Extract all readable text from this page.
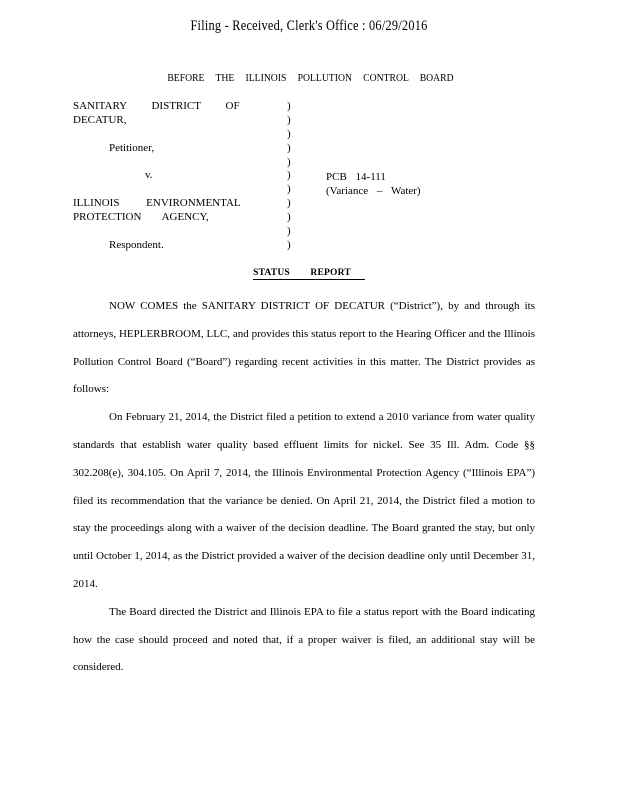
Filing - Received, Clerk's Office : 06/29/2016
BEFORE THE ILLINOIS POLLUTION CONTROL BOARD
SANITARY DISTRICT OF
DECATUR,
Petitioner,
v.
ILLINOIS ENVIRONMENTAL
PROTECTION AGENCY,
Respondent.
)
)
)
)
)
)
)
)
)
)
)
PCB 14-111
(Variance – Water)
STATUS REPORT

NOW COMES the SANITARY DISTRICT OF DECATUR (“District”), by and through its attorneys, HEPLERBROOM, LLC, and provides this status report to the Hearing Officer and the Illinois Pollution Control Board (“Board”) regarding recent activities in this matter. The District provides as follows:

On February 21, 2014, the District filed a petition to extend a 2010 variance from water quality standards that establish water quality based effluent limits for nickel. See 35 Ill. Adm. Code §§ 302.208(e), 304.105. On April 7, 2014, the Illinois Environmental Protection Agency (“Illinois EPA”) filed its recommendation that the variance be denied. On April 21, 2014, the District filed a motion to stay the proceedings along with a waiver of the decision deadline. The Board granted the stay, but only until October 1, 2014, as the District provided a waiver of the decision deadline only until December 31, 2014.

The Board directed the District and Illinois EPA to file a status report with the Board indicating how the case should proceed and noted that, if a proper waiver is filed, an additional stay will be considered.
